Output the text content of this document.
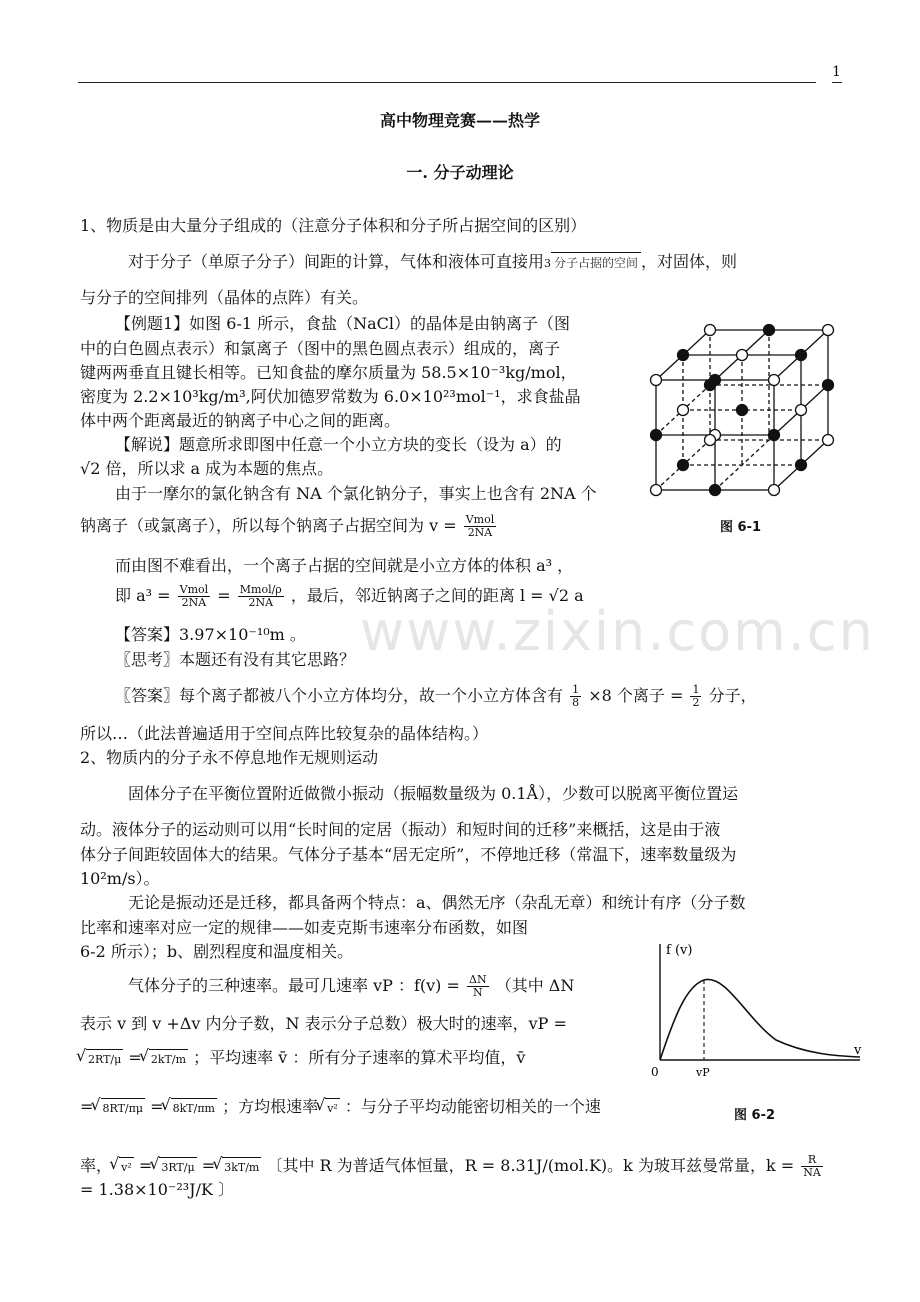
1
www.zixin.com.cn
高中物理竞赛——热学
一. 分子动理论
1、物质是由大量分子组成的（注意分子体积和分子所占据空间的区别）
对于分子（单原子分子）间距的计算，气体和液体可直接用3 分子占据的空间 ，对固体，则
与分子的空间排列（晶体的点阵）有关。
【例题1】如图 6-1 所示，食盐（NaCl）的晶体是由钠离子（图
中的白色圆点表示）和氯离子（图中的黑色圆点表示）组成的，离子
键两两垂直且键长相等。已知食盐的摩尔质量为 58.5×10⁻³kg/mol，
密度为 2.2×10³kg/m³,阿伏加德罗常数为 6.0×10²³mol⁻¹，求食盐晶
体中两个距离最近的钠离子中心之间的距离。
【解说】题意所求即图中任意一个小立方块的变长（设为 a）的
√2 倍，所以求 a 成为本题的焦点。
由于一摩尔的氯化钠含有 NA 个氯化钠分子，事实上也含有 2NA 个
钠离子（或氯离子），所以每个钠离子占据空间为 $v = \frac{\text{Vmol}}{2NA}$
而由图不难看出，一个离子占据的空间就是小立方体的体积 a³ ，
即 $a^3 = \frac{\text{Vmol}}{2NA} = \frac{\text{Mmol/ρ}}{2NA}$ ，最后，邻近钠离子之间的距离 l = √2 a
【答案】3.97×10⁻¹⁰m 。
〖思考〗本题还有没有其它思路？
〖答案〗每个离子都被八个小立方体均分，故一个小立方体含有 $\frac{1}{8} \times 8$ 个离子 = $\frac{1}{2}$ 分子，
所以…（此法普遍适用于空间点阵比较复杂的晶体结构。）
2、物质内的分子永不停息地作无规则运动
固体分子在平衡位置附近做微小振动（振幅数量级为 0.1Å），少数可以脱离平衡位置运
动。液体分子的运动则可以用“长时间的定居（振动）和短时间的迁移”来概括，这是由于液
体分子间距较固体大的结果。气体分子基本“居无定所”，不停地迁移（常温下，速率数量级为
10²m/s）。
无论是振动还是迁移，都具备两个特点：a、偶然无序（杂乱无章）和统计有序（分子数
比率和速率对应一定的规律——如麦克斯韦速率分布函数，如图
6-2 所示）；b、剧烈程度和温度相关。
气体分子的三种速率。最可几速率 vP ：$f(v) = \frac{\Delta N}{N}$ （其中 ΔN
表示 v 到 v +Δv 内分子数，N 表示分子总数）极大时的速率，vP =
√ 2RT/μ = √ 2kT/m ；平均速率 v̄ ：所有分子速率的算术平均值，v̄
= √ 8RT/πμ = √ 8kT/πm ；方均根速率 √ v² ：与分子平均动能密切相关的一个速
率， √ v² = √ 3RT/μ = √ 3kT/m 〔其中 R 为普适气体恒量，R = 8.31J/(mol.K)。k 为玻耳兹曼常量，$k = \frac{R}{NA}$
= 1.38×10⁻²³J/K 〕
图 6-1
f (v)
v
0	vP
图 6-2
